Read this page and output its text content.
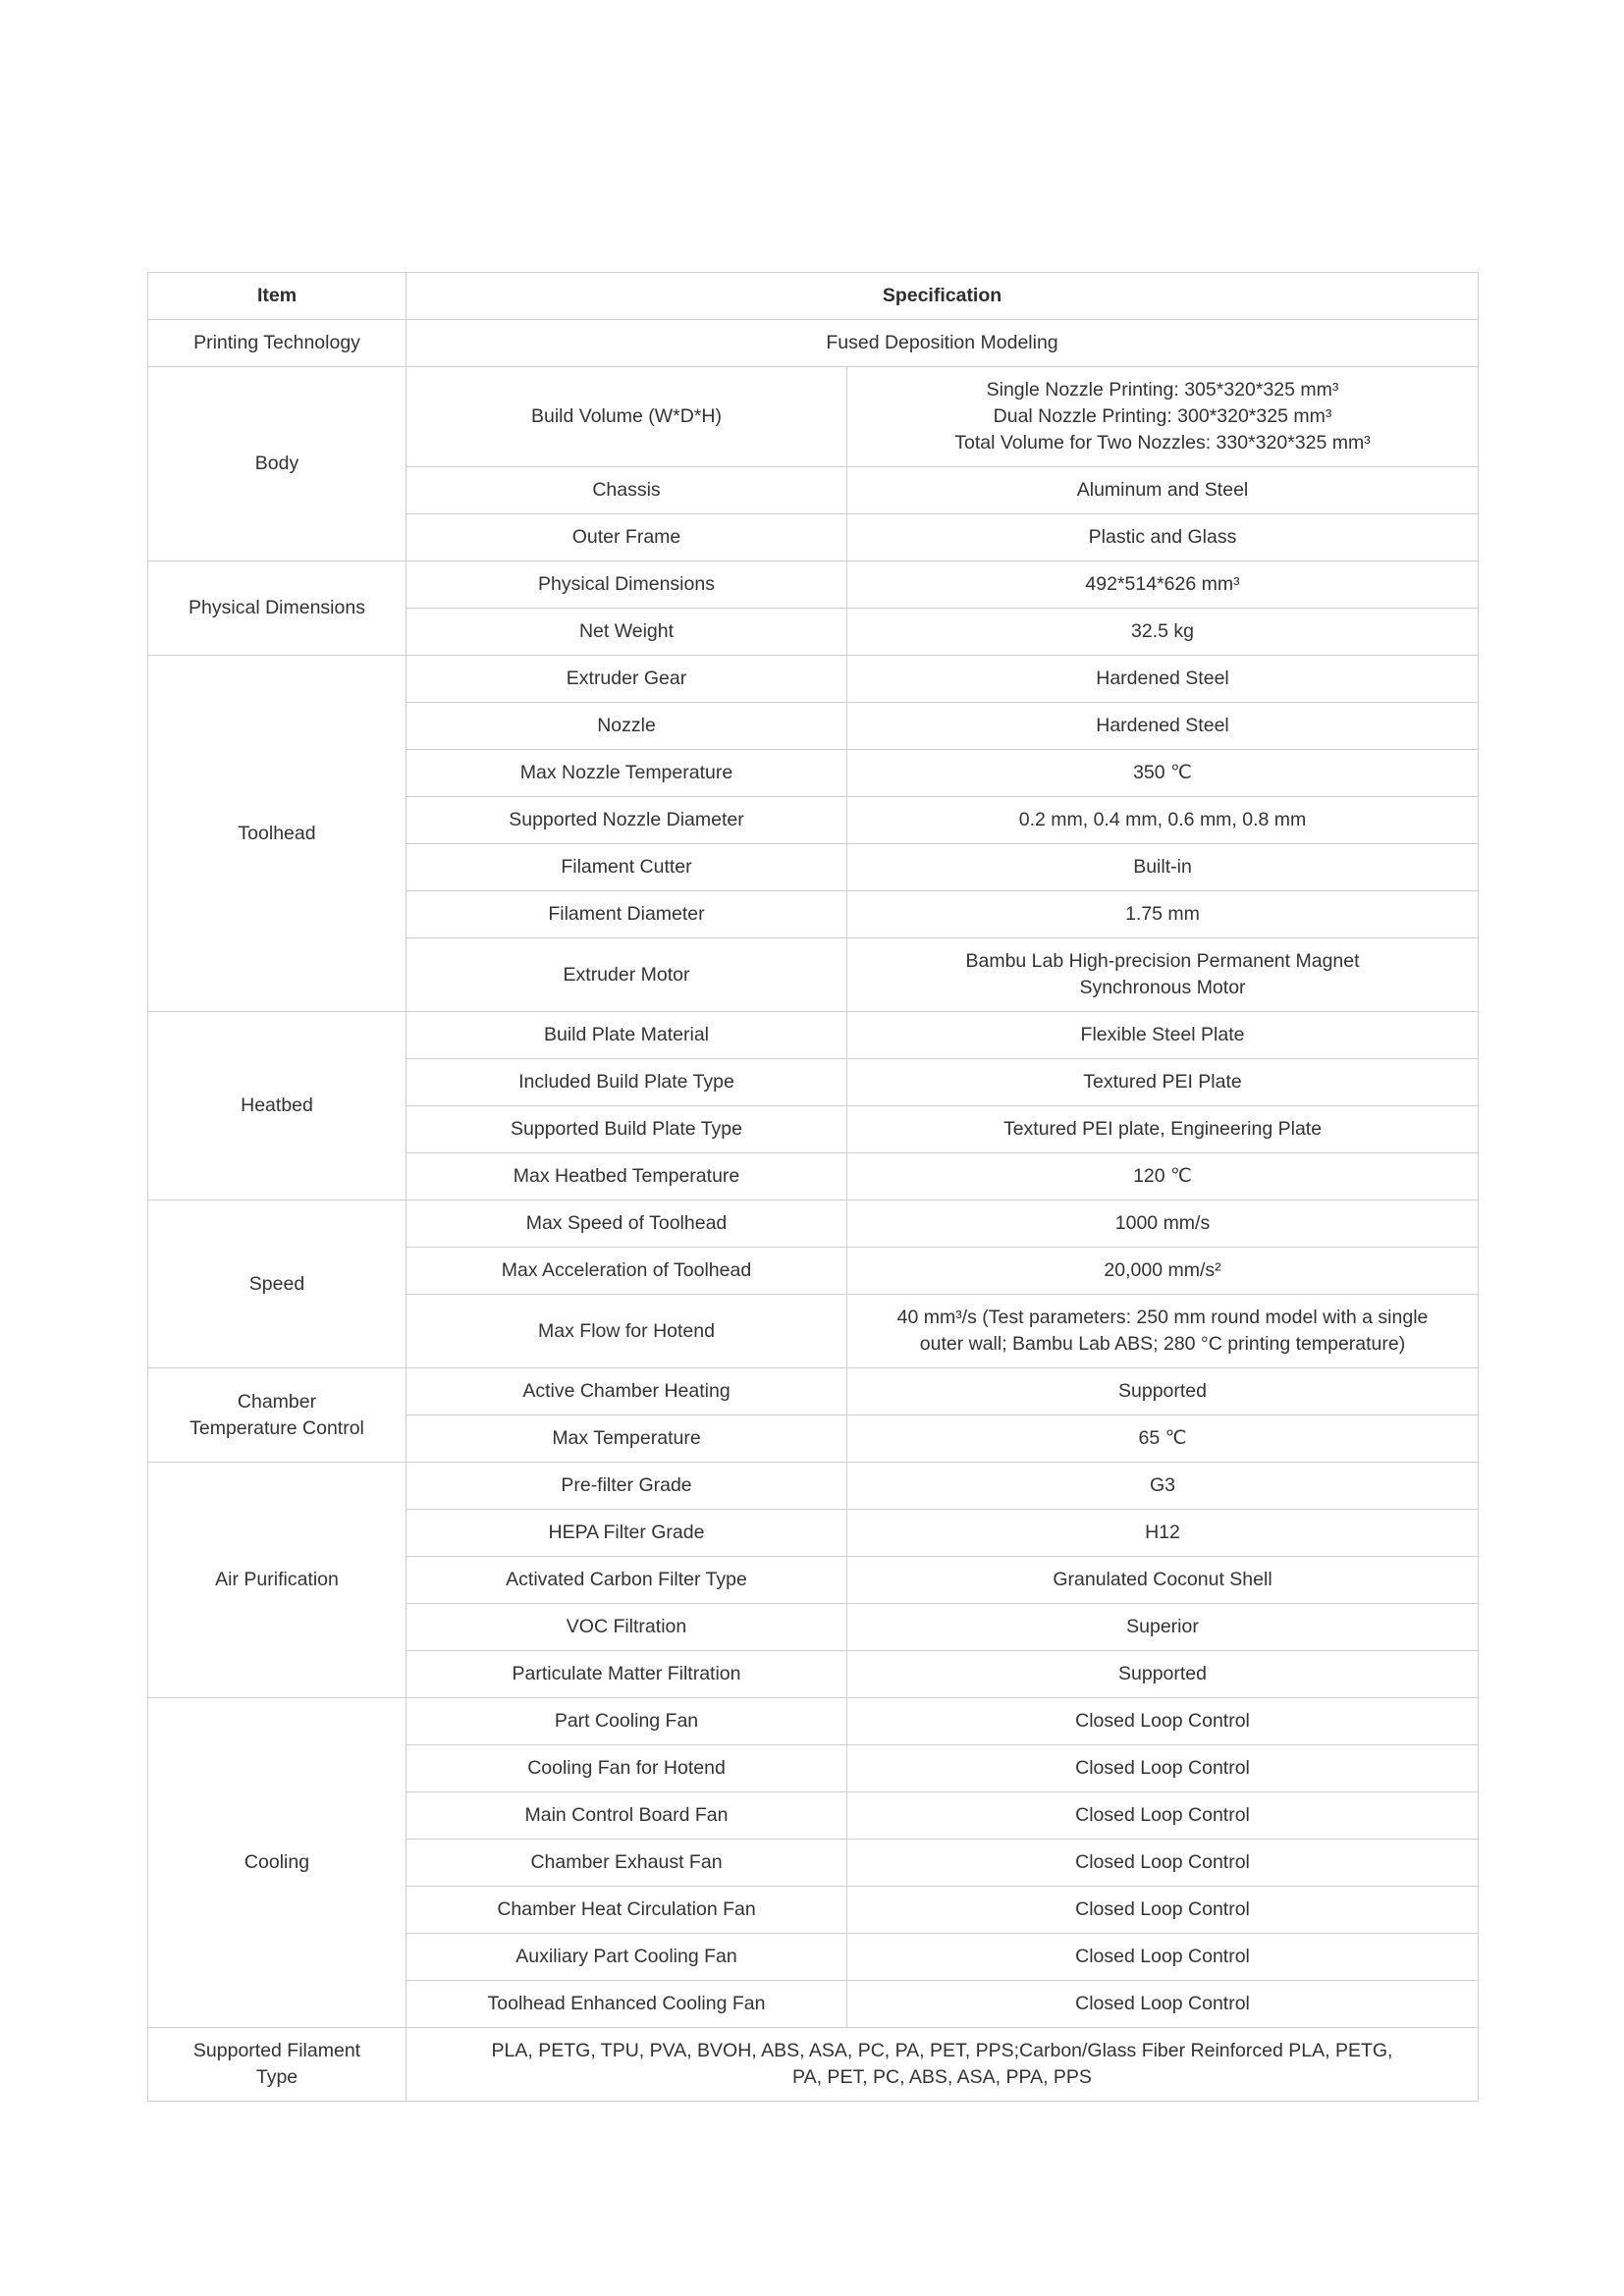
Item	Specification	
Printing Technology	Fused Deposition Modeling	
Body	Build Volume (W*D*H)	Single Nozzle Printing: 305*320*325 mm³
Dual Nozzle Printing: 300*320*325 mm³
Total Volume for Two Nozzles: 330*320*325 mm³

	Chassis	Aluminum and Steel

	Outer Frame	Plastic and Glass

Physical Dimensions	Physical Dimensions	492*514*626 mm³

	Net Weight	32.5 kg

Toolhead	Extruder Gear	Hardened Steel

	Nozzle	Hardened Steel

	Max Nozzle Temperature	350 ℃

	Supported Nozzle Diameter	0.2 mm, 0.4 mm, 0.6 mm, 0.8 mm

	Filament Cutter	Built-in

	Filament Diameter	1.75 mm

	Extruder Motor	Bambu Lab High-precision Permanent Magnet
Synchronous Motor

Heatbed	Build Plate Material	Flexible Steel Plate

	Included Build Plate Type	Textured PEI Plate

	Supported Build Plate Type	Textured PEI plate, Engineering Plate

	Max Heatbed Temperature	120 ℃

Speed	Max Speed of Toolhead	1000 mm/s

	Max Acceleration of Toolhead	20,000 mm/s²

	Max Flow for Hotend	40 mm³/s (Test parameters: 250 mm round model with a single
outer wall; Bambu Lab ABS; 280 °C printing temperature)

Chamber
Temperature Control	Active Chamber Heating	Supported

	Max Temperature	65 ℃

Air Purification	Pre-filter Grade	G3

	HEPA Filter Grade	H12

	Activated Carbon Filter Type	Granulated Coconut Shell

	VOC Filtration	Superior

	Particulate Matter Filtration	Supported

Cooling	Part Cooling Fan	Closed Loop Control

	Cooling Fan for Hotend	Closed Loop Control

	Main Control Board Fan	Closed Loop Control

	Chamber Exhaust Fan	Closed Loop Control

	Chamber Heat Circulation Fan	Closed Loop Control

	Auxiliary Part Cooling Fan	Closed Loop Control

	Toolhead Enhanced Cooling Fan	Closed Loop Control

Supported Filament
Type	PLA, PETG, TPU, PVA, BVOH, ABS, ASA, PC, PA, PET, PPS;Carbon/Glass Fiber Reinforced PLA, PETG,
PA, PET, PC, ABS, ASA, PPA, PPS	
